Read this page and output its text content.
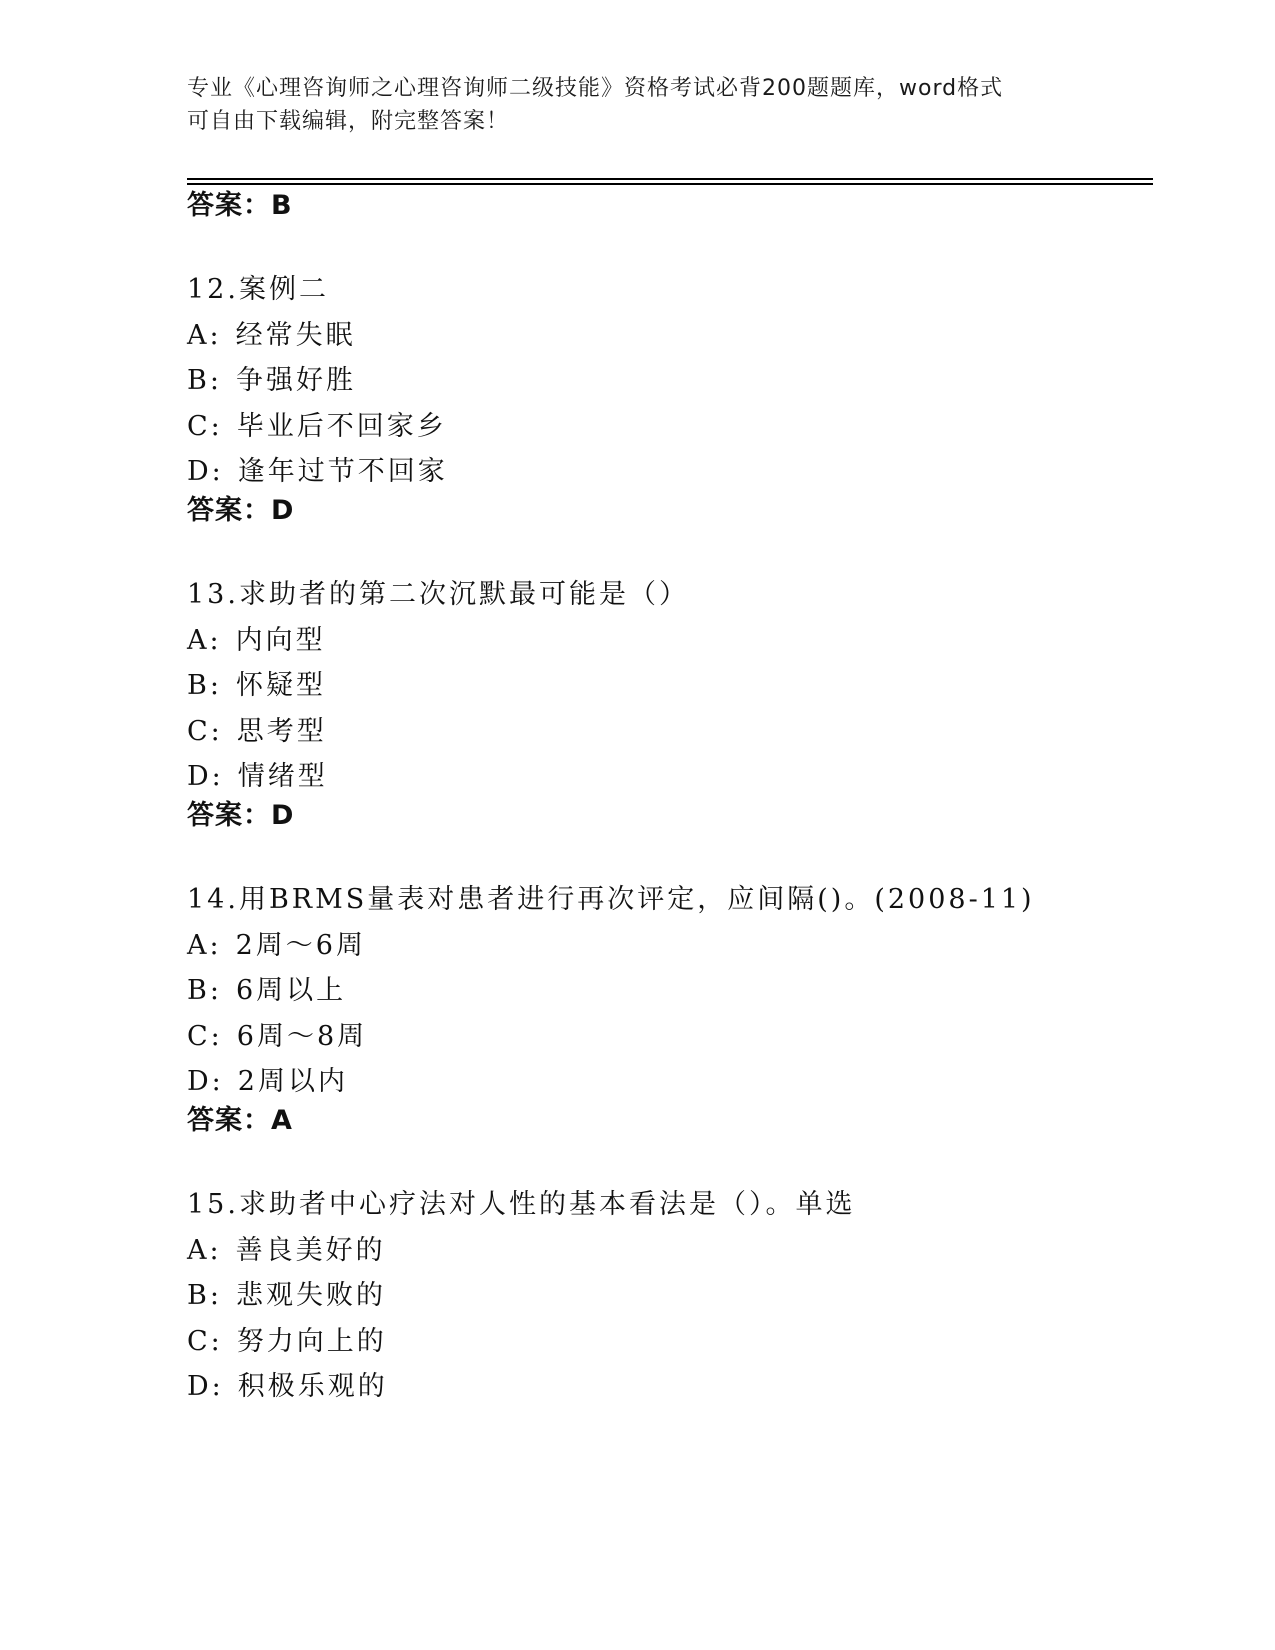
专业《心理咨询师之心理咨询师二级技能》资格考试必背200题题库，word格式
可自由下载编辑，附完整答案！
答案：B
12.案例二
A: 经常失眠
B: 争强好胜
C: 毕业后不回家乡
D: 逢年过节不回家
答案：D
13.求助者的第二次沉默最可能是（）
A: 内向型
B: 怀疑型
C: 思考型
D: 情绪型
答案：D
14.用BRMS量表对患者进行再次评定，应间隔()。(2008-11)
A: 2周～6周
B: 6周以上
C: 6周～8周
D: 2周以内
答案：A
15.求助者中心疗法对人性的基本看法是（）。单选
A: 善良美好的
B: 悲观失败的
C: 努力向上的
D: 积极乐观的
